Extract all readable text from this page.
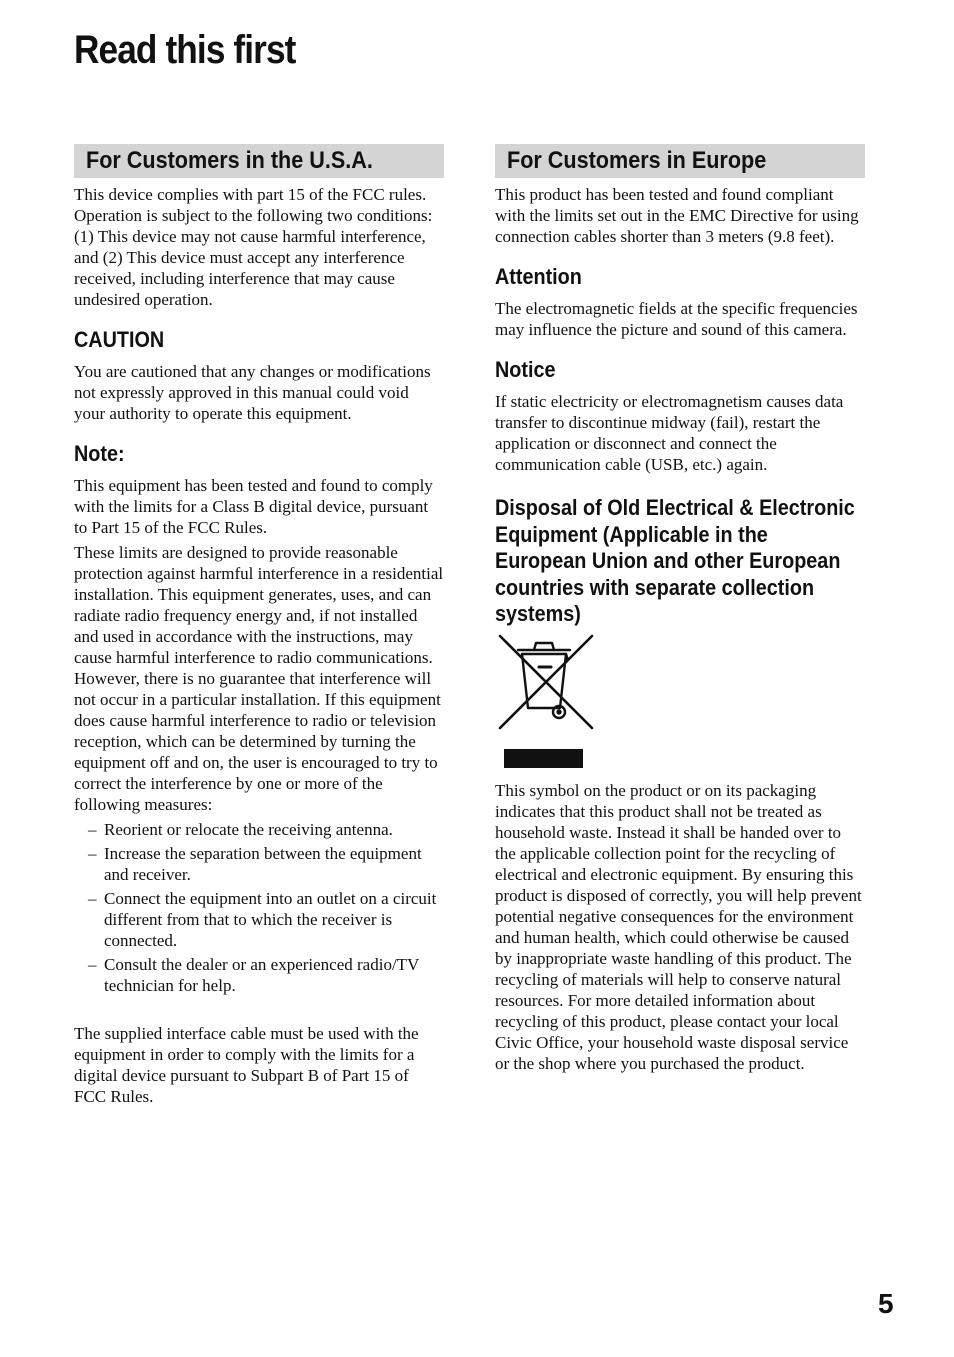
Read this first
For Customers in the U.S.A.

This device complies with part 15 of the FCC rules. Operation is subject to the following two conditions: (1) This device may not cause harmful interference, and (2) This device must accept any interference received, including interference that may cause undesired operation.

CAUTION

You are cautioned that any changes or modifications not expressly approved in this manual could void your authority to operate this equipment.

Note:

This equipment has been tested and found to comply with the limits for a Class B digital device, pursuant to Part 15 of the FCC Rules.

These limits are designed to provide reasonable protection against harmful interference in a residential installation. This equipment generates, uses, and can radiate radio frequency energy and, if not installed and used in accordance with the instructions, may cause harmful interference to radio communications. However, there is no guarantee that interference will not occur in a particular installation. If this equipment does cause harmful interference to radio or television reception, which can be determined by turning the equipment off and on, the user is encouraged to try to correct the interference by one or more of the following measures:

– Reorient or relocate the receiving antenna.
– Increase the separation between the equipment and receiver.
– Connect the equipment into an outlet on a circuit different from that to which the receiver is connected.
– Consult the dealer or an experienced radio/TV technician for help.

The supplied interface cable must be used with the equipment in order to comply with the limits for a digital device pursuant to Subpart B of Part 15 of FCC Rules.

For Customers in Europe

This product has been tested and found compliant with the limits set out in the EMC Directive for using connection cables shorter than 3 meters (9.8 feet).

Attention

The electromagnetic fields at the specific frequencies may influence the picture and sound of this camera.

Notice

If static electricity or electromagnetism causes data transfer to discontinue midway (fail), restart the application or disconnect and connect the communication cable (USB, etc.) again.

Disposal of Old Electrical & Electronic
Equipment (Applicable in the
European Union and other European
countries with separate collection
systems)

This symbol on the product or on its packaging indicates that this product shall not be treated as household waste. Instead it shall be handed over to the applicable collection point for the recycling of electrical and electronic equipment. By ensuring this product is disposed of correctly, you will help prevent potential negative consequences for the environment and human health, which could otherwise be caused by inappropriate waste handling of this product. The recycling of materials will help to conserve natural resources. For more detailed information about recycling of this product, please contact your local Civic Office, your household waste disposal service or the shop where you purchased the product.

5
